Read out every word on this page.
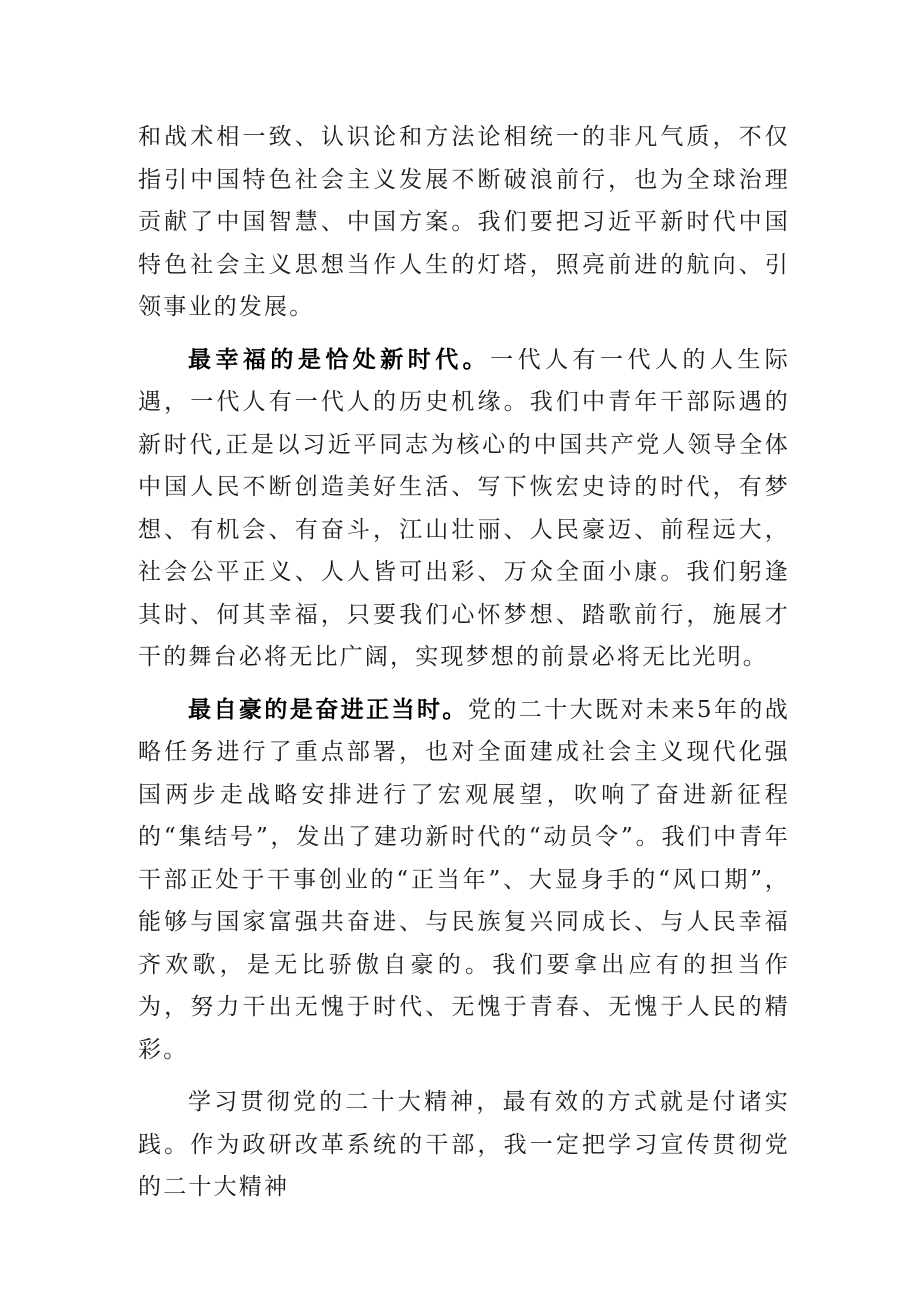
和战术相一致、认识论和方法论相统一的非凡气质，不仅指引中国特色社会主义发展不断破浪前行，也为全球治理贡献了中国智慧、中国方案。我们要把习近平新时代中国特色社会主义思想当作人生的灯塔，照亮前进的航向、引领事业的发展。

最幸福的是恰处新时代。一代人有一代人的人生际遇，一代人有一代人的历史机缘。我们中青年干部际遇的新时代,正是以习近平同志为核心的中国共产党人领导全体中国人民不断创造美好生活、写下恢宏史诗的时代，有梦想、有机会、有奋斗，江山壮丽、人民豪迈、前程远大，社会公平正义、人人皆可出彩、万众全面小康。我们躬逢其时、何其幸福，只要我们心怀梦想、踏歌前行，施展才干的舞台必将无比广阔，实现梦想的前景必将无比光明。

最自豪的是奋进正当时。党的二十大既对未来5年的战略任务进行了重点部署，也对全面建成社会主义现代化强国两步走战略安排进行了宏观展望，吹响了奋进新征程的“集结号”，发出了建功新时代的“动员令”。我们中青年干部正处于干事创业的“正当年”、大显身手的“风口期”，能够与国家富强共奋进、与民族复兴同成长、与人民幸福齐欢歌，是无比骄傲自豪的。我们要拿出应有的担当作为，努力干出无愧于时代、无愧于青春、无愧于人民的精彩。

学习贯彻党的二十大精神，最有效的方式就是付诸实践。作为政研改革系统的干部，我一定把学习宣传贯彻党的二十大精神
